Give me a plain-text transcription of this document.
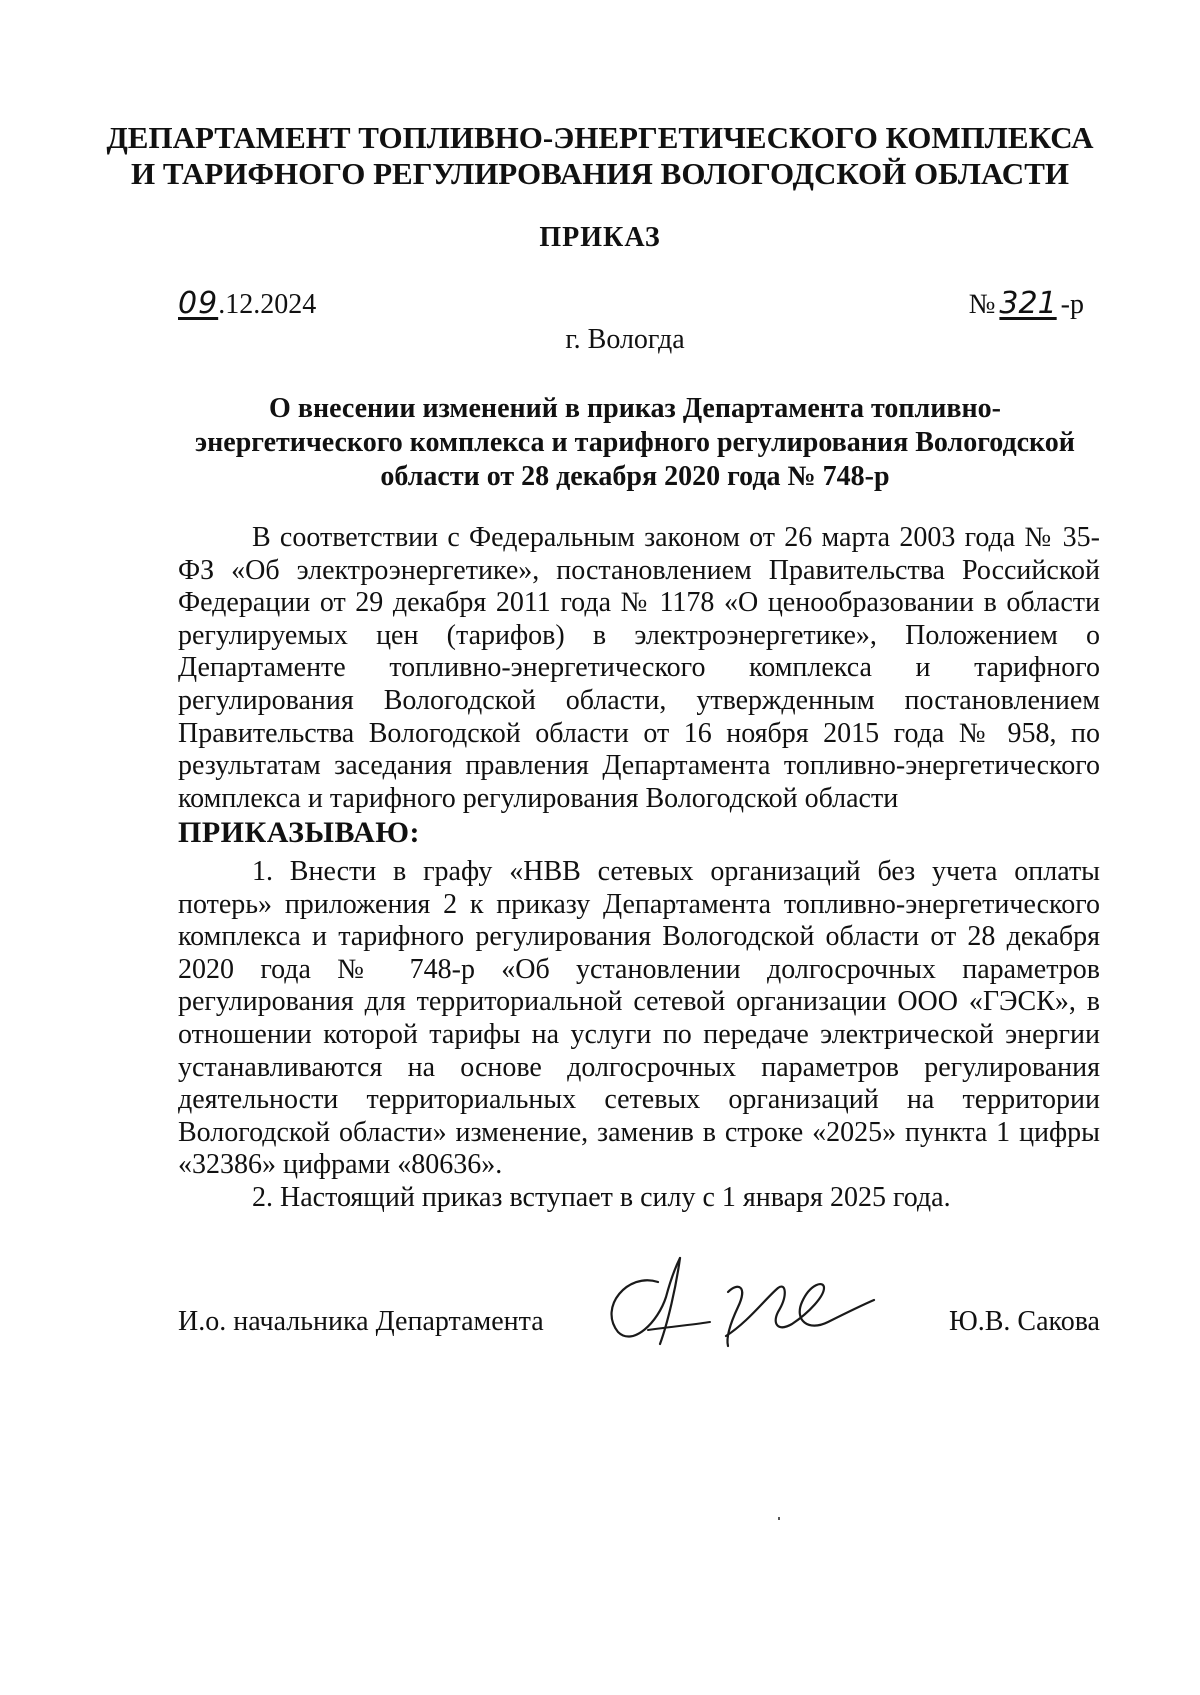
ДЕПАРТАМЕНТ ТОПЛИВНО-ЭНЕРГЕТИЧЕСКОГО КОМПЛЕКСА
И ТАРИФНОГО РЕГУЛИРОВАНИЯ ВОЛОГОДСКОЙ ОБЛАСТИ
ПРИКАЗ
09.12.2024	№ 321 -р
г. Вологда
О внесении изменений в приказ Департамента топливно-энергетического комплекса и тарифного регулирования Вологодской области от 28 декабря 2020 года № 748-р

В соответствии с Федеральным законом от 26 марта 2003 года № 35-ФЗ «Об электроэнергетике», постановлением Правительства Российской Федерации от 29 декабря 2011 года № 1178 «О ценообразовании в области регулируемых цен (тарифов) в электроэнергетике», Положением о Департаменте топливно-энергетического комплекса и тарифного регулирования Вологодской области, утвержденным постановлением Правительства Вологодской области от 16 ноября 2015 года № 958, по результатам заседания правления Департамента топливно-энергетического комплекса и тарифного регулирования Вологодской области

ПРИКАЗЫВАЮ:

1. Внести в графу «НВВ сетевых организаций без учета оплаты потерь» приложения 2 к приказу Департамента топливно-энергетического комплекса и тарифного регулирования Вологодской области от 28 декабря 2020 года № 748-р «Об установлении долгосрочных параметров регулирования для территориальной сетевой организации ООО «ГЭСК», в отношении которой тарифы на услуги по передаче электрической энергии устанавливаются на основе долгосрочных параметров регулирования деятельности территориальных сетевых организаций на территории Вологодской области» изменение, заменив в строке «2025» пункта 1 цифры «32386» цифрами «80636».

2. Настоящий приказ вступает в силу с 1 января 2025 года.

И.о. начальника Департамента	Ю.В. Сакова
